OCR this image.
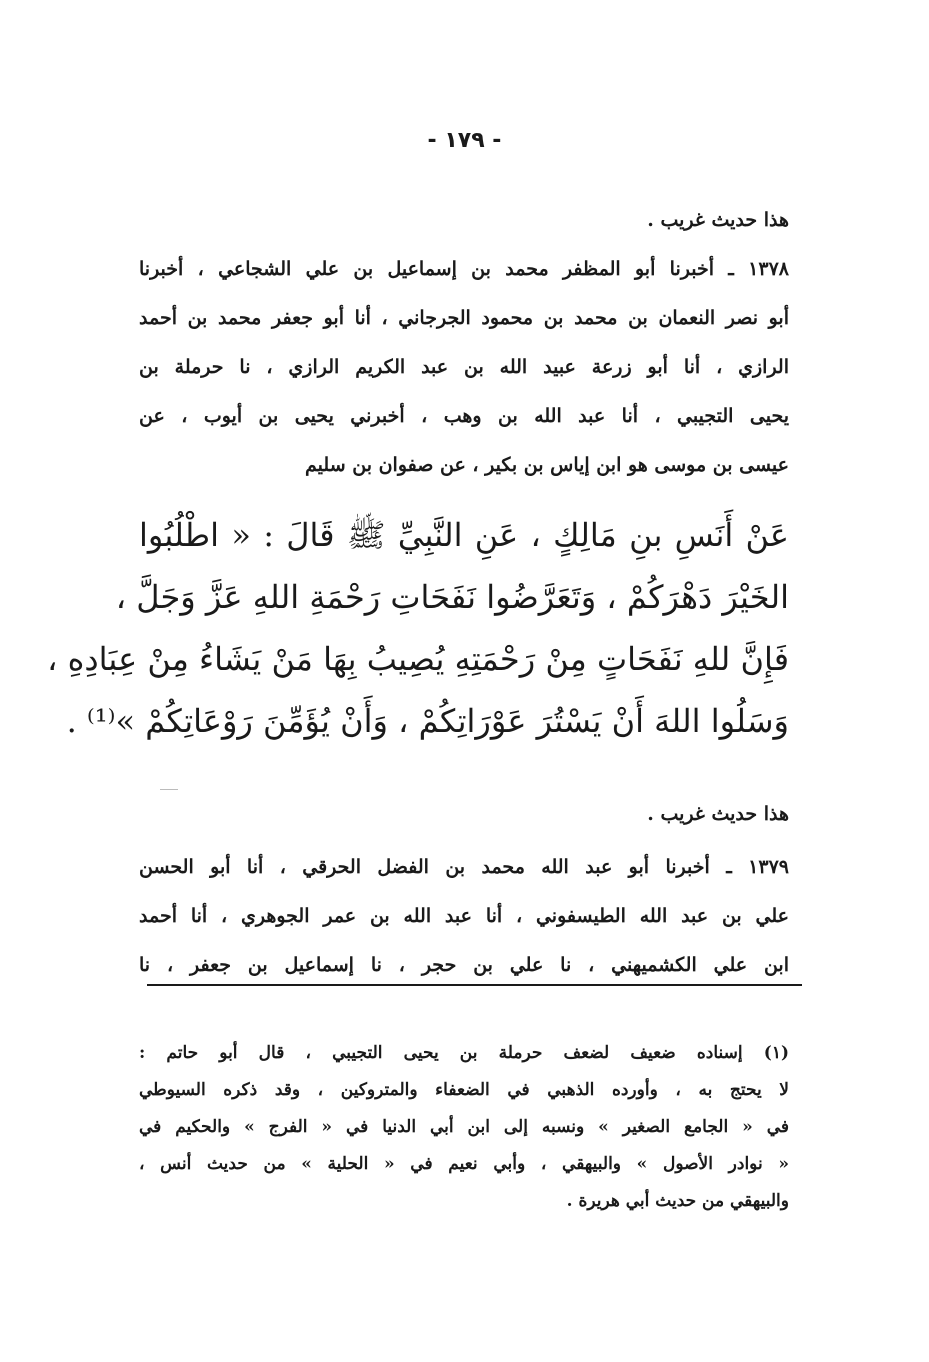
- ١٧٩ -
هذا حديث غريب .
١٣٧٨ ـ أخبرنا أبو المظفر محمد بن إسماعيل بن علي الشجاعي ، أخبرنا
أبو نصر النعمان بن محمد بن محمود الجرجاني ، أنا أبو جعفر محمد بن أحمد
الرازي ، أنا أبو زرعة عبيد الله بن عبد الكريم الرازي ، نا حرملة بن
يحيى التجيبي ، أنا عبد الله بن وهب ، أخبرني يحيى بن أيوب ، عن
عيسى بن موسى هو ابن إياس بن بكير ، عن صفوان بن سليم
عَنْ أَنَسِ بنِ مَالِكٍ ، عَنِ النَّبِيِّ ﷺ قَالَ : « اطْلُبُوا
الخَيْرَ دَهْرَكُمْ ، وَتَعَرَّضُوا نَفَحَاتِ رَحْمَةِ اللهِ عَزَّ وَجَلَّ ،
فَإِنَّ للهِ نَفَحَاتٍ مِنْ رَحْمَتِهِ يُصِيبُ بِهَا مَنْ يَشَاءُ مِنْ عِبَادِهِ ،
وَسَلُوا اللهَ أَنْ يَسْتُرَ عَوْرَاتِكُمْ ، وَأَنْ يُؤَمِّنَ رَوْعَاتِكُمْ »⁽¹⁾ .
هذا حديث غريب .
١٣٧٩ ـ أخبرنا أبو عبد الله محمد بن الفضل الحرقي ، أنا أبو الحسن
علي بن عبد الله الطيسفوني ، أنا عبد الله بن عمر الجوهري ، أنا أحمد
ابن علي الكشميهني ، نا علي بن حجر ، نا إسماعيل بن جعفر ، نا
(١) إسناده ضعيف لضعف حرملة بن يحيى التجيبي ، قال أبو حاتم :
لا يحتج به ، وأورده الذهبي في الضعفاء والمتروكين ، وقد ذكره السيوطي
في « الجامع الصغير » ونسبه إلى ابن أبي الدنيا في « الفرج » والحكيم في
« نوادر الأصول » والبيهقي ، وأبي نعيم في « الحلية » من حديث أنس ،
والبيهقي من حديث أبي هريرة .
